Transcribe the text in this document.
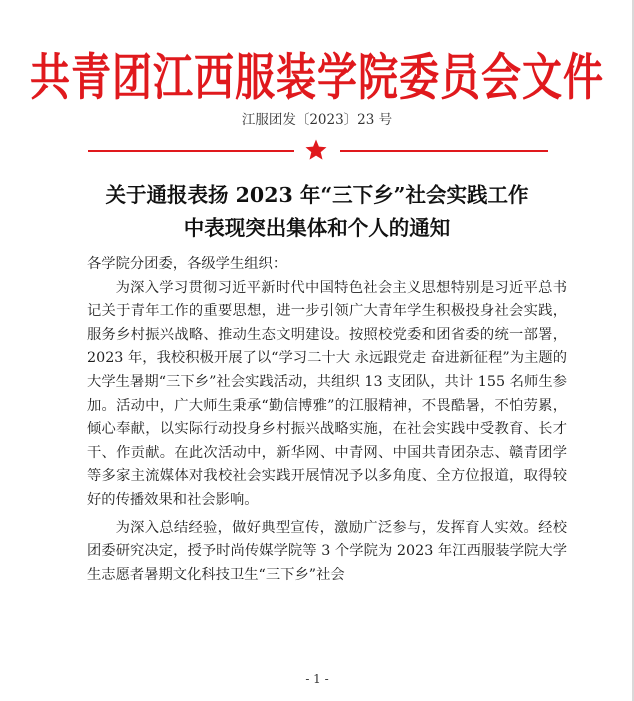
共青团江西服装学院委员会文件
江服团发〔2023〕23 号
关于通报表扬 2023 年“三下乡”社会实践工作
中表现突出集体和个人的通知

各学院分团委，各级学生组织：

为深入学习贯彻习近平新时代中国特色社会主义思想特别是习近平总书记关于青年工作的重要思想，进一步引领广大青年学生积极投身社会实践，服务乡村振兴战略、推动生态文明建设。按照校党委和团省委的统一部署，2023 年，我校积极开展了以“学习二十大 永远跟党走 奋进新征程”为主题的大学生暑期“三下乡”社会实践活动，共组织 13 支团队，共计 155 名师生参加。活动中，广大师生秉承“勤信博雅”的江服精神，不畏酷暑，不怕劳累，倾心奉献，以实际行动投身乡村振兴战略实施，在社会实践中受教育、长才干、作贡献。在此次活动中，新华网、中青网、中国共青团杂志、赣青团学等多家主流媒体对我校社会实践开展情况予以多角度、全方位报道，取得较好的传播效果和社会影响。

为深入总结经验，做好典型宣传，激励广泛参与，发挥育人实效。经校团委研究决定，授予时尚传媒学院等 3 个学院为 2023 年江西服装学院大学生志愿者暑期文化科技卫生“三下乡”社会

- 1 -
